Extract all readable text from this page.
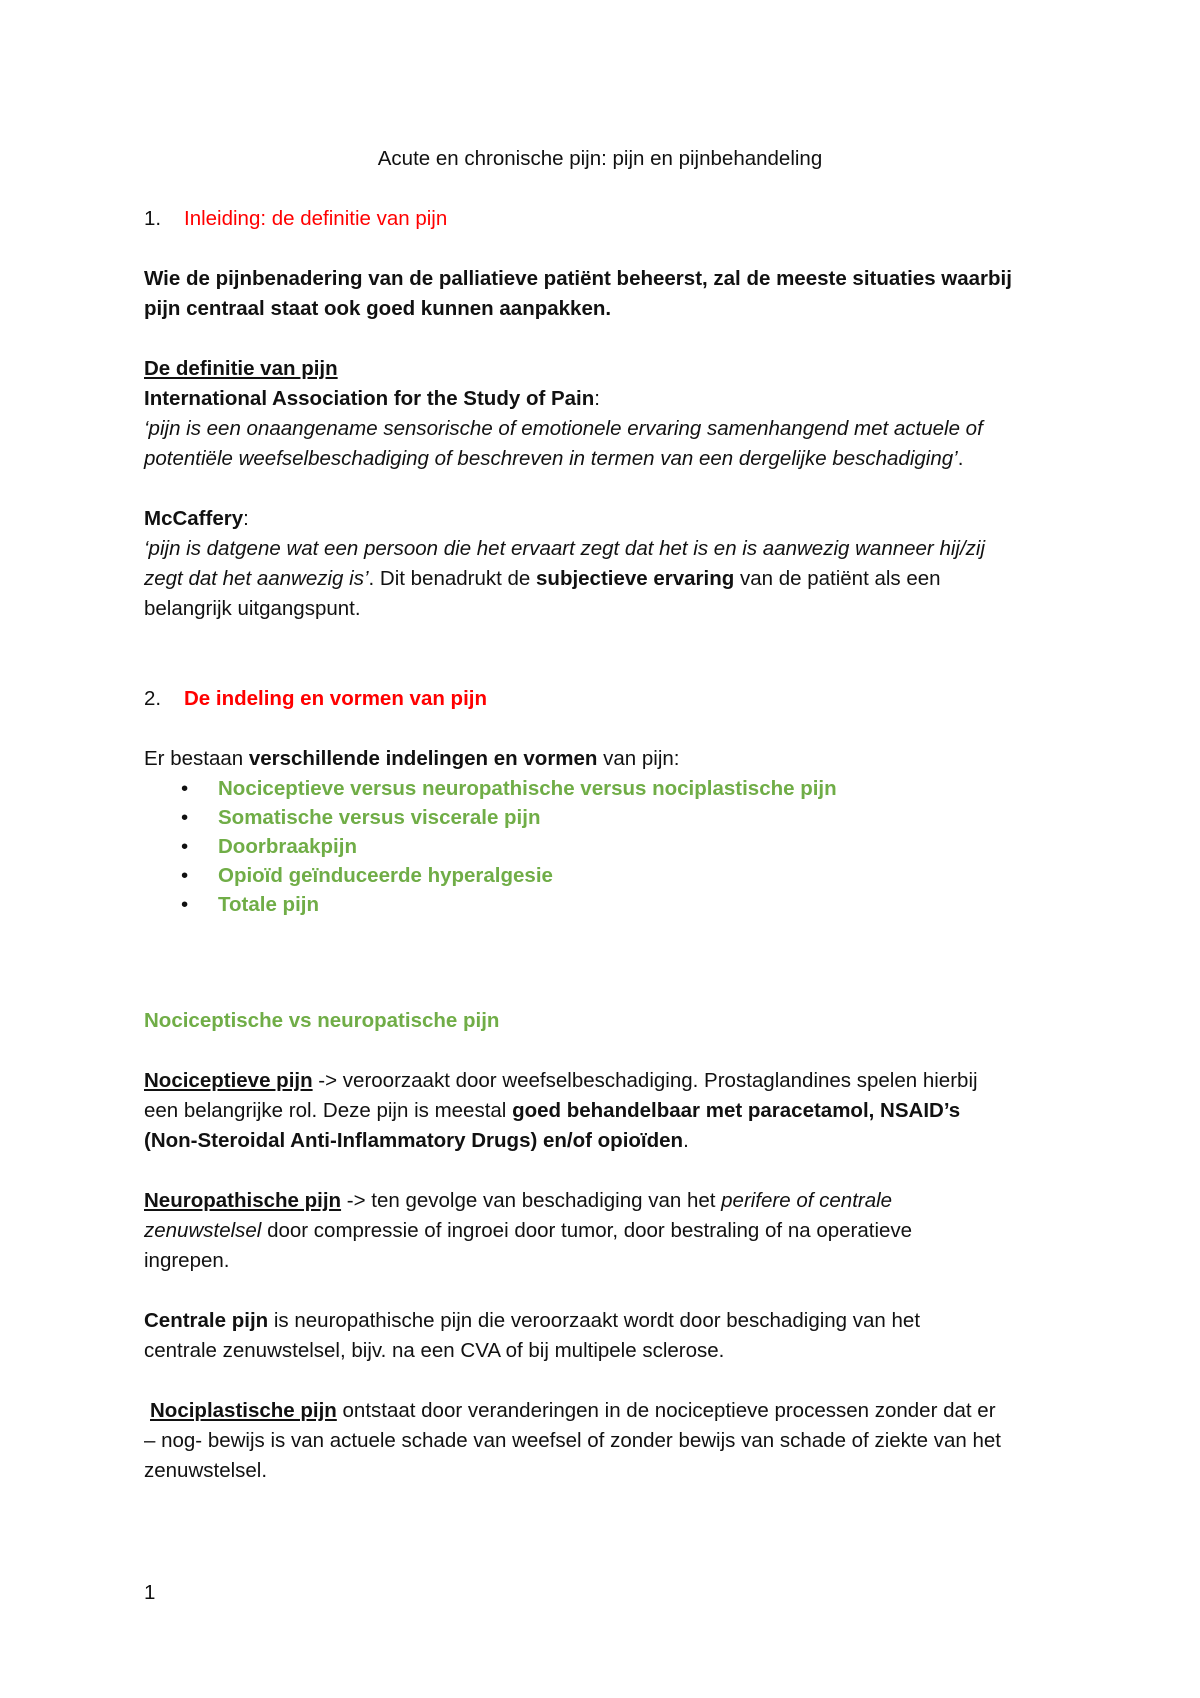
Acute en chronische pijn: pijn en pijnbehandeling
1. Inleiding: de definitie van pijn
Wie de pijnbenadering van de palliatieve patiënt beheerst, zal de meeste situaties waarbij
pijn centraal staat ook goed kunnen aanpakken.
De definitie van pijn
International Association for the Study of Pain:
‘pijn is een onaangename sensorische of emotionele ervaring samenhangend met actuele of
potentiële weefselbeschadiging of beschreven in termen van een dergelijke beschadiging’.
McCaffery:
‘pijn is datgene wat een persoon die het ervaart zegt dat het is en is aanwezig wanneer hij/zij
zegt dat het aanwezig is’. Dit benadrukt de subjectieve ervaring van de patiënt als een
belangrijk uitgangspunt.
2. De indeling en vormen van pijn
Er bestaan verschillende indelingen en vormen van pijn:
• Nociceptieve versus neuropathische versus nociplastische pijn
• Somatische versus viscerale pijn
• Doorbraakpijn
• Opioïd geïnduceerde hyperalgesie
• Totale pijn
Nociceptische vs neuropatische pijn
Nociceptieve pijn -> veroorzaakt door weefselbeschadiging. Prostaglandines spelen hierbij
een belangrijke rol. Deze pijn is meestal goed behandelbaar met paracetamol, NSAID’s
(Non-Steroidal Anti-Inflammatory Drugs) en/of opioïden.
Neuropathische pijn -> ten gevolge van beschadiging van het perifere of centrale
zenuwstelsel door compressie of ingroei door tumor, door bestraling of na operatieve
ingrepen.
Centrale pijn is neuropathische pijn die veroorzaakt wordt door beschadiging van het
centrale zenuwstelsel, bijv. na een CVA of bij multipele sclerose.
Nociplastische pijn ontstaat door veranderingen in de nociceptieve processen zonder dat er
– nog- bewijs is van actuele schade van weefsel of zonder bewijs van schade of ziekte van het
zenuwstelsel.
1
